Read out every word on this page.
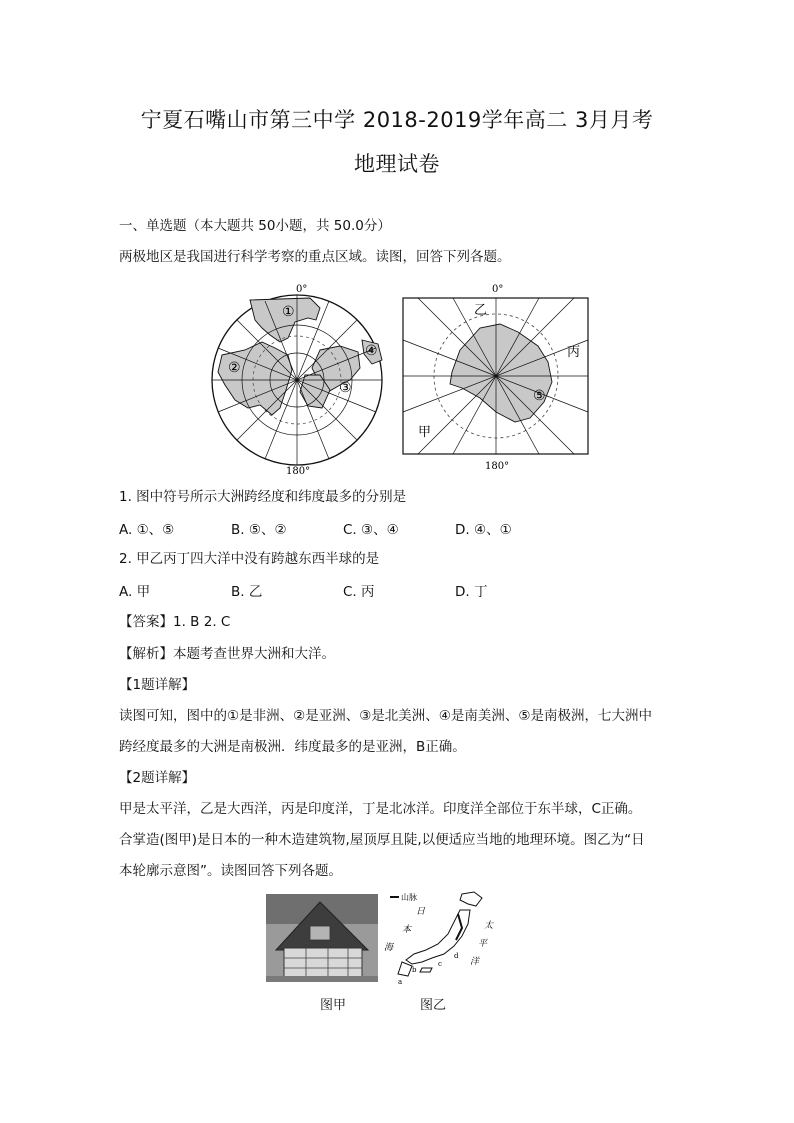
宁夏石嘴山市第三中学 2018-2019学年高二 3月月考
地理试卷
一、单选题（本大题共 50小题，共 50.0分）
两极地区是我国进行科学考察的重点区域。读图，回答下列各题。
0°
①
②
③
④
180°
0°
乙
丙
甲
⑤
180°
1. 图中符号所示大洲跨经度和纬度最多的分别是
A. ①、⑤	B. ⑤、②	C. ③、④	D. ④、①
2. 甲乙丙丁四大洋中没有跨越东西半球的是
A. 甲	B. 乙	C. 丙	D. 丁
【答案】1. B 2. C
【解析】本题考查世界大洲和大洋。
【1题详解】
读图可知，图中的①是非洲、②是亚洲、③是北美洲、④是南美洲、⑤是南极洲，七大洲中
跨经度最多的大洲是南极洲．纬度最多的是亚洲，B正确。
【2题详解】
甲是太平洋，乙是大西洋，丙是印度洋，丁是北冰洋。印度洋全部位于东半球，C正确。
合掌造(图甲)是日本的一种木造建筑物,屋顶厚且陡,以便适应当地的地理环境。图乙为“日
本轮廓示意图”。读图回答下列各题。
山脉
日
本
海
太
平
洋
a
b
c
d
图甲	图乙
